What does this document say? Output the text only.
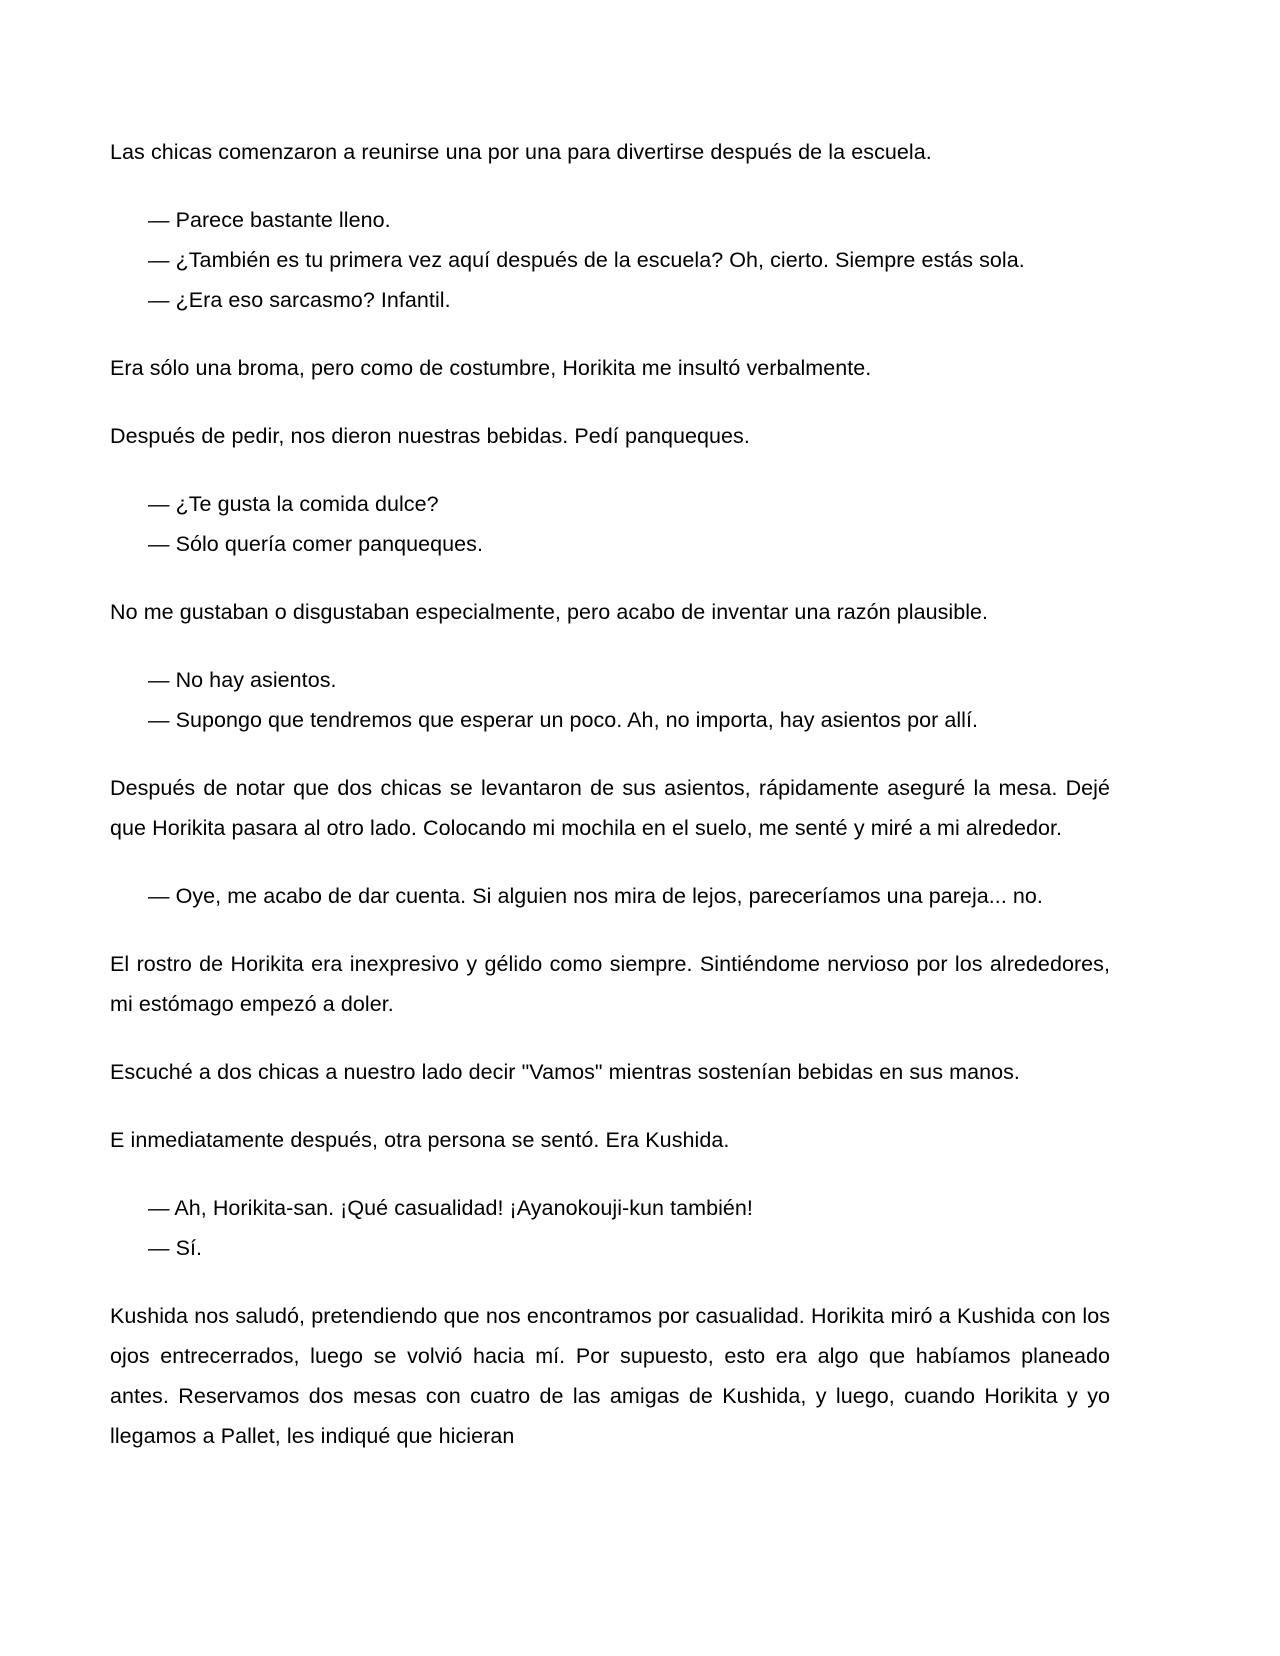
Las chicas comenzaron a reunirse una por una para divertirse después de la escuela.

— Parece bastante lleno.

— ¿También es tu primera vez aquí después de la escuela? Oh, cierto. Siempre estás sola.

— ¿Era eso sarcasmo? Infantil.

Era sólo una broma, pero como de costumbre, Horikita me insultó verbalmente.

Después de pedir, nos dieron nuestras bebidas. Pedí panqueques.

— ¿Te gusta la comida dulce?

— Sólo quería comer panqueques.

No me gustaban o disgustaban especialmente, pero acabo de inventar una razón plausible.

— No hay asientos.

— Supongo que tendremos que esperar un poco. Ah, no importa, hay asientos por allí.

Después de notar que dos chicas se levantaron de sus asientos, rápidamente aseguré la mesa. Dejé que Horikita pasara al otro lado. Colocando mi mochila en el suelo, me senté y miré a mi alrededor.

— Oye, me acabo de dar cuenta. Si alguien nos mira de lejos, pareceríamos una pareja... no.

El rostro de Horikita era inexpresivo y gélido como siempre. Sintiéndome nervioso por los alrededores, mi estómago empezó a doler.

Escuché a dos chicas a nuestro lado decir "Vamos" mientras sostenían bebidas en sus manos.

E inmediatamente después, otra persona se sentó. Era Kushida.

— Ah, Horikita-san. ¡Qué casualidad! ¡Ayanokouji-kun también!

— Sí.

Kushida nos saludó, pretendiendo que nos encontramos por casualidad. Horikita miró a Kushida con los ojos entrecerrados, luego se volvió hacia mí. Por supuesto, esto era algo que habíamos planeado antes. Reservamos dos mesas con cuatro de las amigas de Kushida, y luego, cuando Horikita y yo llegamos a Pallet, les indiqué que hicieran
